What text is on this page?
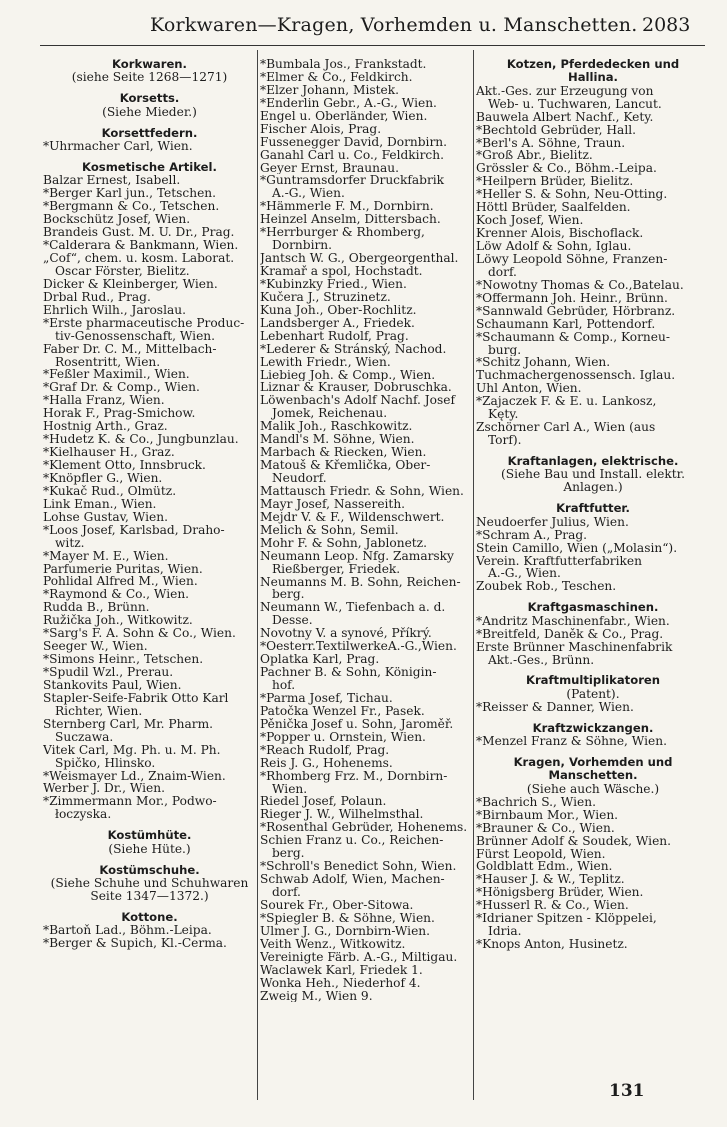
Korkwaren—Kragen, Vorhemden u. Manschetten. 2083
Korkwaren.
(siehe Seite 1268—1271)
Korsetts.
(Siehe Mieder.)
Korsettfedern.
*Uhrmacher Carl, Wien.
Kosmetische Artikel.
Balzar Ernest, Isabell.
*Berger Karl jun., Tetschen.
*Bergmann & Co., Tetschen.
Bockschütz Josef, Wien.
Brandeis Gust. M. U. Dr., Prag.
*Calderara & Bankmann, Wien.
„Cof“, chem. u. kosm. Laborat.
Oscar Förster, Bielitz.
Dicker & Kleinberger, Wien.
Drbal Rud., Prag.
Ehrlich Wilh., Jaroslau.
*Erste pharmaceutische Produc-
tiv-Genossenschaft, Wien.
Faber Dr. C. M., Mittelbach-
Rosentritt, Wien.
*Feßler Maximil., Wien.
*Graf Dr. & Comp., Wien.
*Halla Franz, Wien.
Horak F., Prag-Smichow.
Hostnig Arth., Graz.
*Hudetz K. & Co., Jungbunzlau.
*Kielhauser H., Graz.
*Klement Otto, Innsbruck.
*Knöpfler G., Wien.
*Kukač Rud., Olmütz.
Link Eman., Wien.
Lohse Gustav, Wien.
*Loos Josef, Karlsbad, Draho-
witz.
*Mayer M. E., Wien.
Parfumerie Puritas, Wien.
Pohlidal Alfred M., Wien.
*Raymond & Co., Wien.
Rudda B., Brünn.
Ružička Joh., Witkowitz.
*Sarg's F. A. Sohn & Co., Wien.
Seeger W., Wien.
*Simons Heinr., Tetschen.
*Spudil Wzl., Prerau.
Stankovits Paul, Wien.
Stapler-Seife-Fabrik Otto Karl
Richter, Wien.
Sternberg Carl, Mr. Pharm.
Suczawa.
Vitek Carl, Mg. Ph. u. M. Ph.
Špičko, Hlinsko.
*Weismayer Ld., Znaim-Wien.
Werber J. Dr., Wien.
*Zimmermann Mor., Podwo-
łoczyska.
Kostümhüte.
(Siehe Hüte.)
Kostümschuhe.
(Siehe Schuhe und Schuhwaren
Seite 1347—1372.)
Kottone.
*Bartoň Lad., Böhm.-Leipa.
*Berger & Šupich, Kl.-Čerma.
*Bumbala Jos., Frankstadt.
*Elmer & Co., Feldkirch.
*Elzer Johann, Mistek.
*Enderlin Gebr., A.-G., Wien.
Engel u. Oberländer, Wien.
Fischer Alois, Prag.
Fussenegger David, Dornbirn.
Ganahl Carl u. Co., Feldkirch.
Geyer Ernst, Braunau.
*Guntramsdorfer Druckfabrik
A.-G., Wien.
*Hämmerle F. M., Dornbirn.
Heinzel Anselm, Dittersbach.
*Herrburger & Rhomberg,
Dornbirn.
Jantsch W. G., Obergeorgenthal.
Kramař a spol, Hochstadt.
*Kubinzky Fried., Wien.
Kučera J., Struzinetz.
Kuna Joh., Ober-Rochlitz.
Landsberger A., Friedek.
Lebenhart Rudolf, Prag.
*Lederer & Stránský, Nachod.
Lewith Friedr., Wien.
Liebieg Joh. & Comp., Wien.
Liznar & Krauser, Dobruschka.
Löwenbach's Adolf Nachf. Josef
Jomek, Reichenau.
Malik Joh., Raschkowitz.
Mandl's M. Söhne, Wien.
Marbach & Riecken, Wien.
Matouš & Křemlička, Ober-
Neudorf.
Mattausch Friedr. & Sohn, Wien.
Mayr Josef, Nassereith.
Mejdr V. & F., Wildenschwert.
Melich & Sohn, Semil.
Mohr F. & Sohn, Jablonetz.
Neumann Leop. Nfg. Zamarsky
Rießberger, Friedek.
Neumanns M. B. Sohn, Reichen-
berg.
Neumann W., Tiefenbach a. d.
Desse.
Novotny V. a synové, Příkrý.
*Oesterr.TextilwerkeA.-G.,Wien.
Oplatka Karl, Prag.
Pachner B. & Sohn, Königin-
hof.
*Parma Josef, Tichau.
Patočka Wenzel Fr., Pasek.
Pěnička Josef u. Sohn, Jaroměř.
*Popper u. Ornstein, Wien.
*Reach Rudolf, Prag.
Reis J. G., Hohenems.
*Rhomberg Frz. M., Dornbirn-
Wien.
Riedel Josef, Polaun.
Rieger J. W., Wilhelmsthal.
*Rosenthal Gebrüder, Hohenems.
Schien Franz u. Co., Reichen-
berg.
*Schroll's Benedict Sohn, Wien.
Schwab Adolf, Wien, Machen-
dorf.
Sourek Fr., Ober-Sitowa.
*Spiegler B. & Söhne, Wien.
Ulmer J. G., Dornbirn-Wien.
Veith Wenz., Witkowitz.
Vereinigte Färb. A.-G., Miltigau.
Waclawek Karl, Friedek 1.
Wonka Heh., Niederhof 4.
Zweig M., Wien 9.
Kotzen, Pferdedecken und
Hallina.
Akt.-Ges. zur Erzeugung von
Web- u. Tuchwaren, Lancut.
Bauwela Albert Nachf., Kety.
*Bechtold Gebrüder, Hall.
*Berl's A. Söhne, Traun.
*Groß Abr., Bielitz.
Grössler & Co., Böhm.-Leipa.
*Heilpern Brüder, Bielitz.
*Heller S. & Sohn, Neu-Ötting.
Höttl Brüder, Saalfelden.
Koch Josef, Wien.
Krenner Alois, Bischoflack.
Löw Adolf & Sohn, Iglau.
Löwy Leopold Söhne, Franzen-
dorf.
*Nowotny Thomas & Co.,Batelau.
*Offermann Joh. Heinr., Brünn.
*Sannwald Gebrüder, Hörbranz.
Schaumann Karl, Pottendorf.
*Schaumann & Comp., Korneu-
burg.
*Schitz Johann, Wien.
Tuchmachergenossensch. Iglau.
Uhl Anton, Wien.
*Zajaczek F. & E. u. Lankosz,
Kęty.
Zschörner Carl A., Wien (aus
Torf).
Kraftanlagen, elektrische.
(Siehe Bau und Install. elektr.
Anlagen.)
Kraftfutter.
Neudoerfer Julius, Wien.
*Schram A., Prag.
Stein Camillo, Wien („Molasin“).
Verein. Kraftfutterfabriken
A.-G., Wien.
Zoubek Rob., Teschen.
Kraftgasmaschinen.
*Andritz Maschinenfabr., Wien.
*Breitfeld, Daněk & Co., Prag.
Erste Brünner Maschinenfabrik
Akt.-Ges., Brünn.
Kraftmultiplikatoren
(Patent).
*Reisser & Danner, Wien.
Kraftzwickzangen.
*Menzel Franz & Söhne, Wien.
Kragen, Vorhemden und
Manschetten.
(Siehe auch Wäsche.)
*Bachrich S., Wien.
*Birnbaum Mor., Wien.
*Brauner & Co., Wien.
Brünner Adolf & Soudek, Wien.
Fürst Leopold, Wien.
Goldblatt Edm., Wien.
*Hauser J. & W., Teplitz.
*Hönigsberg Brüder, Wien.
*Husserl R. & Co., Wien.
*Idrianer Spitzen - Klöppelei,
Idria.
*Knops Anton, Husinetz.
131
